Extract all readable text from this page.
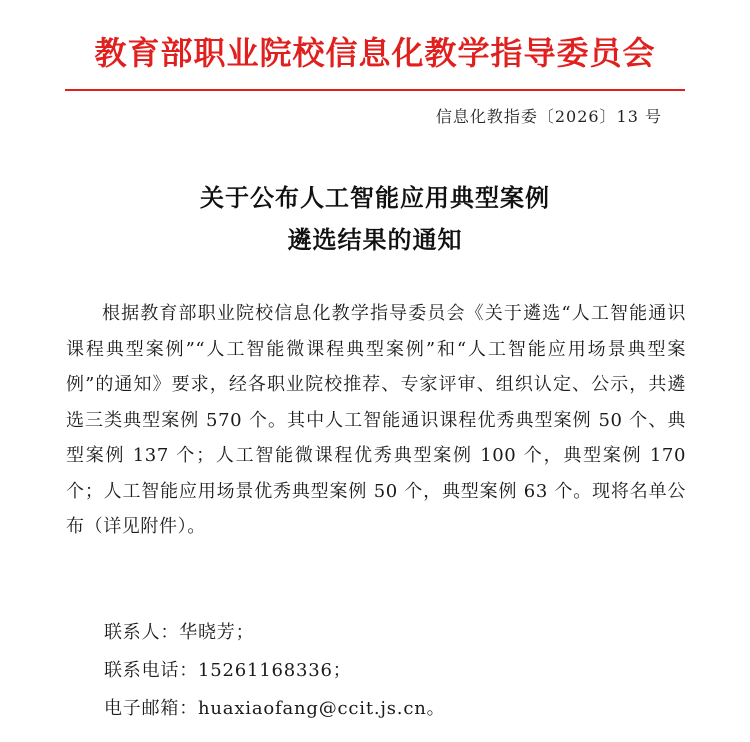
教育部职业院校信息化教学指导委员会
信息化教指委〔2026〕13 号
关于公布人工智能应用典型案例
遴选结果的通知

根据教育部职业院校信息化教学指导委员会《关于遴选“人工智能通识课程典型案例”“人工智能微课程典型案例”和“人工智能应用场景典型案例”的通知》要求，经各职业院校推荐、专家评审、组织认定、公示，共遴选三类典型案例 570 个。其中人工智能通识课程优秀典型案例 50 个、典型案例 137 个；人工智能微课程优秀典型案例 100 个，典型案例 170 个；人工智能应用场景优秀典型案例 50 个，典型案例 63 个。现将名单公布（详见附件）。

联系人：华晓芳；
联系电话：15261168336；
电子邮箱：huaxiaofang@ccit.js.cn。
